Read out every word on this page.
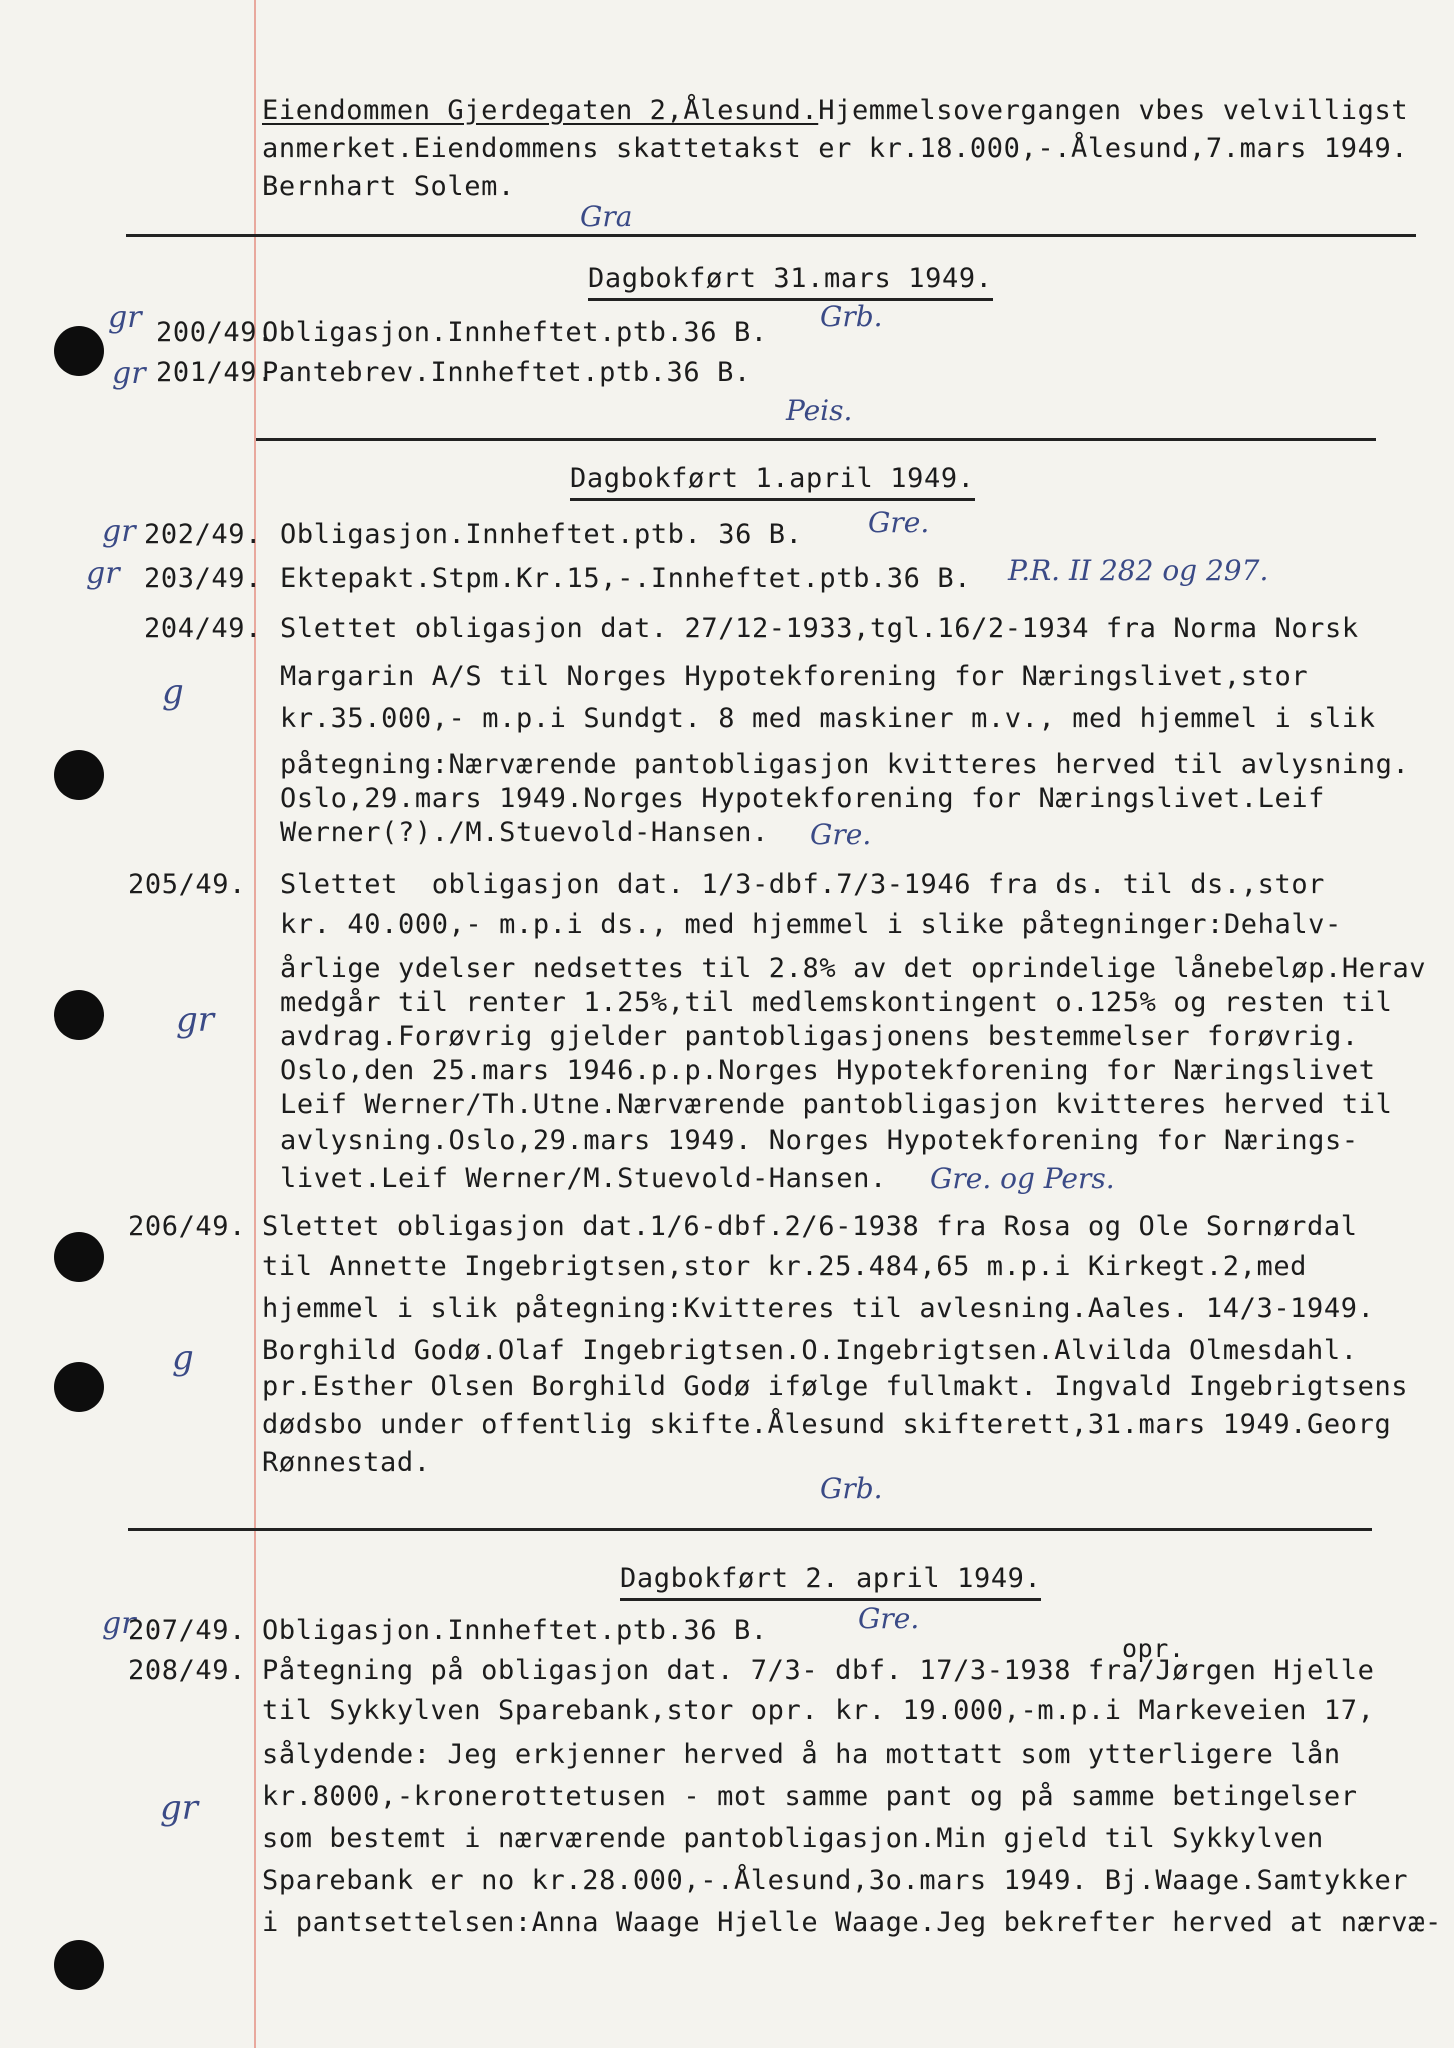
Eiendommen Gjerdegaten 2,Ålesund.Hjemmelsovergangen vbes velvilligst
anmerket.Eiendommens skattetakst er kr.18.000,-.Ålesund,7.mars 1949.
Bernhart Solem.
Gra
Dagbokført 31.mars 1949.
gr 200/49.
Obligasjon.Innheftet.ptb.36 B. Grb.
gr 201/49.
Pantebrev.Innheftet.ptb.36 B.
Peis.
Dagbokført 1.april 1949.
gr 202/49. Obligasjon.Innheftet.ptb. 36 B. Gre.
gr 203/49. Ektepakt.Stpm.Kr.15,-.Innheftet.ptb.36 B. P.R. II 282 og 297.
204/49.
g
Slettet obligasjon dat. 27/12-1933,tgl.16/2-1934 fra Norma Norsk
Margarin A/S til Norges Hypotekforening for Næringslivet,stor
kr.35.000,- m.p.i Sundgt. 8 med maskiner m.v., med hjemmel i slik
påtegning:Nærværende pantobligasjon kvitteres herved til avlysning.
Oslo,29.mars 1949.Norges Hypotekforening for Næringslivet.Leif
Werner(?)./M.Stuevold-Hansen. Gre.
205/49.
gr
Slettet  obligasjon dat. 1/3-dbf.7/3-1946 fra ds. til ds.,stor
kr. 40.000,- m.p.i ds., med hjemmel i slike påtegninger:Dehalv-
årlige ydelser nedsettes til 2.8% av det oprindelige lånebeløp.Herav
medgår til renter 1.25%,til medlemskontingent o.125% og resten til
avdrag.Forøvrig gjelder pantobligasjonens bestemmelser forøvrig.
Oslo,den 25.mars 1946.p.p.Norges Hypotekforening for Næringslivet
Leif Werner/Th.Utne.Nærværende pantobligasjon kvitteres herved til
avlysning.Oslo,29.mars 1949. Norges Hypotekforening for Nærings-
livet.Leif Werner/M.Stuevold-Hansen. Gre. og Pers.
206/49.
g
Slettet obligasjon dat.1/6-dbf.2/6-1938 fra Rosa og Ole Sornørdal
til Annette Ingebrigtsen,stor kr.25.484,65 m.p.i Kirkegt.2,med
hjemmel i slik påtegning:Kvitteres til avlesning.Aales. 14/3-1949.
Borghild Godø.Olaf Ingebrigtsen.O.Ingebrigtsen.Alvilda Olmesdahl.
pr.Esther Olsen Borghild Godø ifølge fullmakt. Ingvald Ingebrigtsens
dødsbo under offentlig skifte.Ålesund skifterett,31.mars 1949.Georg
Rønnestad.
Grb.
Dagbokført 2. april 1949.
gr
207/49. Obligasjon.Innheftet.ptb.36 B.	Gre.
opr.
208/49.
gr
Påtegning på obligasjon dat. 7/3- dbf. 17/3-1938 fra/Jørgen Hjelle
til Sykkylven Sparebank,stor opr. kr. 19.000,-m.p.i Markeveien 17,
sålydende: Jeg erkjenner herved å ha mottatt som ytterligere lån
kr.8000,-kronerottetusen - mot samme pant og på samme betingelser
som bestemt i nærværende pantobligasjon.Min gjeld til Sykkylven
Sparebank er no kr.28.000,-.Ålesund,3o.mars 1949. Bj.Waage.Samtykker
i pantsettelsen:Anna Waage Hjelle Waage.Jeg bekrefter herved at nærvæ-
